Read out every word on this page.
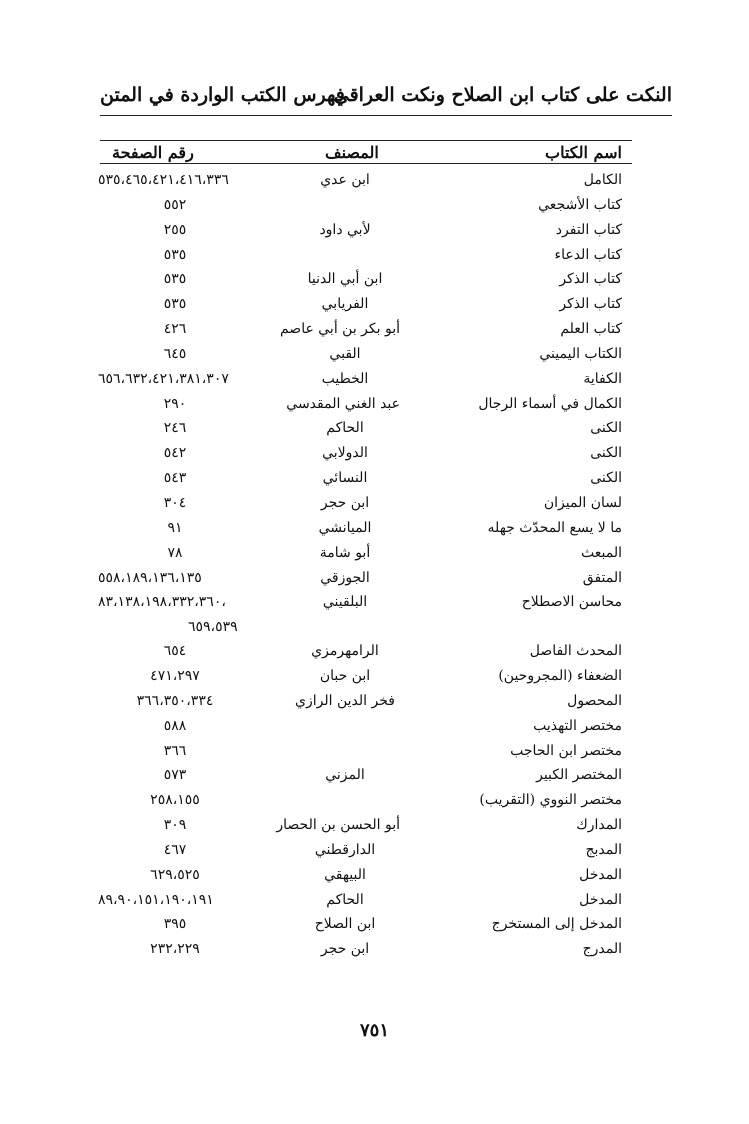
النكت على كتاب ابن الصلاح ونكت العراقي
فهرس الكتب الواردة في المتن
اسم الكتاب
المصنف
رقم الصفحة
الكامل
ابن عدي
٥٣٥،٤٦٥،٤٢١،٤١٦،٣٣٦
كتاب الأشجعي
٥٥٢
كتاب التفرد
لأبي داود
٢٥٥
كتاب الدعاء
٥٣٥
كتاب الذكر
ابن أبي الدنيا
٥٣٥
كتاب الذكر
الفريابي
٥٣٥
كتاب العلم
أبو بكر بن أبي عاصم
٤٢٦
الكتاب اليميني
القبي
٦٤٥
الكفاية
الخطيب
٦٥٦،٦٣٢،٤٢١،٣٨١،٣٠٧
الكمال في أسماء الرجال
عبد الغني المقدسي
٢٩٠
الكنى
الحاكم
٢٤٦
الكنى
الدولابي
٥٤٢
الكنى
النسائي
٥٤٣
لسان الميزان
ابن حجر
٣٠٤
ما لا يسع المحدّث جهله
الميانشي
٩١
المبعث
أبو شامة
٧٨
المتفق
الجوزقي
٥٥٨،١٨٩،١٣٦،١٣٥
محاسن الاصطلاح
البلقيني
٨٣،١٣٨،١٩٨،٣٣٢،٣٦٠،
٦٥٩،٥٣٩
المحدث الفاصل
الرامهرمزي
٦٥٤
الضعفاء (المجروحين)
ابن حبان
٤٧١،٢٩٧
المحصول
فخر الدين الرازي
٣٦٦،٣٥٠،٣٣٤
مختصر التهذيب
٥٨٨
مختصر ابن الحاجب
٣٦٦
المختصر الكبير
المزني
٥٧٣
مختصر النووي (التقريب)
٢٥٨،١٥٥
المدارك
أبو الحسن بن الحصار
٣٠٩
المدبج
الدارقطني
٤٦٧
المدخل
البيهقي
٦٢٩،٥٢٥
المدخل
الحاكم
٨٩،٩٠،١٥١،١٩٠،١٩١
المدخل إلى المستخرج
ابن الصلاح
٣٩٥
المدرج
ابن حجر
٢٣٢،٢٢٩
٧٥١
